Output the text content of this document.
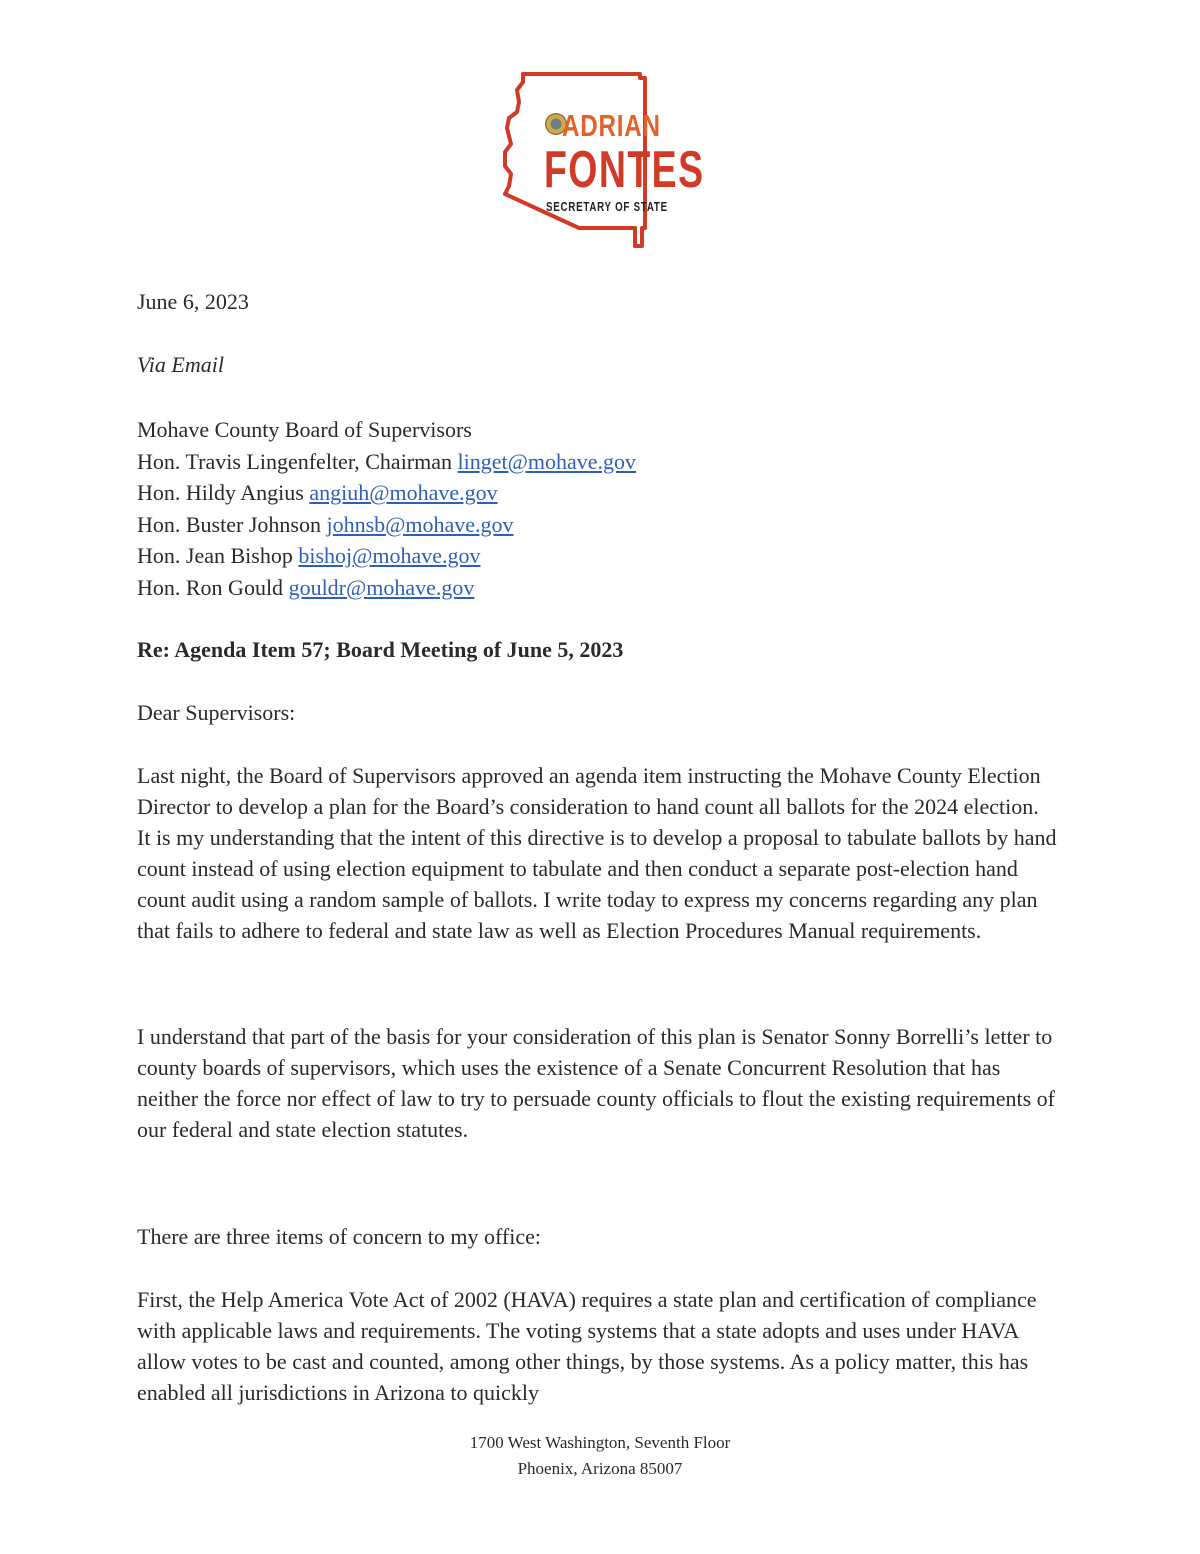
ADRIAN
FONTES
SECRETARY OF STATE

June 6, 2023

Via Email

Mohave County Board of Supervisors
Hon. Travis Lingenfelter, Chairman linget@mohave.gov
Hon. Hildy Angius angiuh@mohave.gov
Hon. Buster Johnson johnsb@mohave.gov
Hon. Jean Bishop bishoj@mohave.gov
Hon. Ron Gould gouldr@mohave.gov

Re: Agenda Item 57; Board Meeting of June 5, 2023

Dear Supervisors:

Last night, the Board of Supervisors approved an agenda item instructing the Mohave County Election Director to develop a plan for the Board’s consideration to hand count all ballots for the 2024 election. It is my understanding that the intent of this directive is to develop a proposal to tabulate ballots by hand count instead of using election equipment to tabulate and then conduct a separate post-election hand count audit using a random sample of ballots. I write today to express my concerns regarding any plan that fails to adhere to federal and state law as well as Election Procedures Manual requirements.

I understand that part of the basis for your consideration of this plan is Senator Sonny Borrelli’s letter to county boards of supervisors, which uses the existence of a Senate Concurrent Resolution that has neither the force nor effect of law to try to persuade county officials to flout the existing requirements of our federal and state election statutes.

There are three items of concern to my office:

First, the Help America Vote Act of 2002 (HAVA) requires a state plan and certification of compliance with applicable laws and requirements. The voting systems that a state adopts and uses under HAVA allow votes to be cast and counted, among other things, by those systems. As a policy matter, this has enabled all jurisdictions in Arizona to quickly

1700 West Washington, Seventh Floor
Phoenix, Arizona 85007
